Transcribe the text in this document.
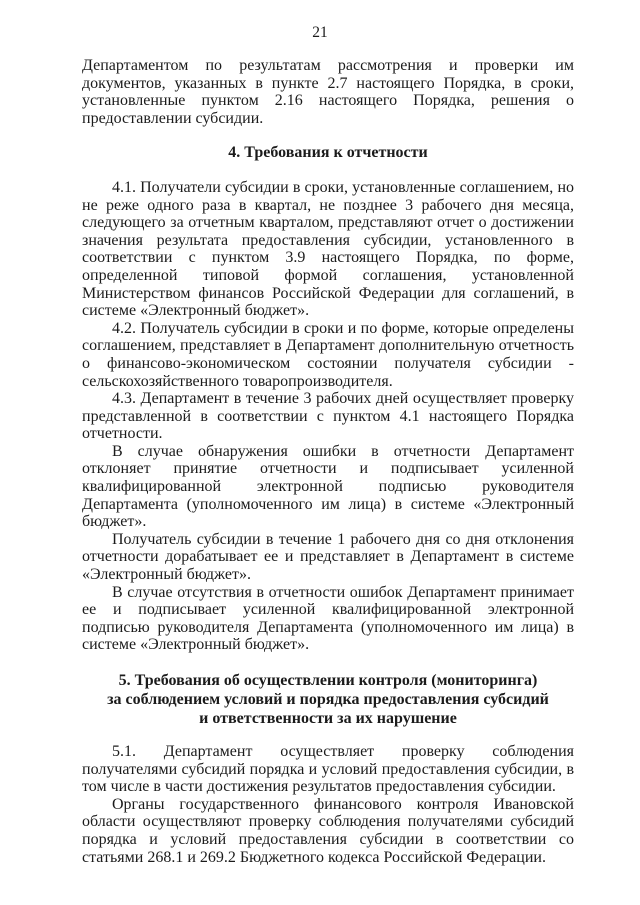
21

Департаментом по результатам рассмотрения и проверки им документов, указанных в пункте 2.7 настоящего Порядка, в сроки, установленные пунктом 2.16 настоящего Порядка, решения о предоставлении субсидии.

4. Требования к отчетности

4.1. Получатели субсидии в сроки, установленные соглашением, но не реже одного раза в квартал, не позднее 3 рабочего дня месяца, следующего за отчетным кварталом, представляют отчет о достижении значения результата предоставления субсидии, установленного в соответствии с пунктом 3.9 настоящего Порядка, по форме, определенной типовой формой соглашения, установленной Министерством финансов Российской Федерации для соглашений, в системе «Электронный бюджет».

4.2. Получатель субсидии в сроки и по форме, которые определены соглашением, представляет в Департамент дополнительную отчетность о финансово-экономическом состоянии получателя субсидии - сельскохозяйственного товаропроизводителя.

4.3. Департамент в течение 3 рабочих дней осуществляет проверку представленной в соответствии с пунктом 4.1 настоящего Порядка отчетности.

В случае обнаружения ошибки в отчетности Департамент отклоняет принятие отчетности и подписывает усиленной квалифицированной электронной подписью руководителя Департамента (уполномоченного им лица) в системе «Электронный бюджет».

Получатель субсидии в течение 1 рабочего дня со дня отклонения отчетности дорабатывает ее и представляет в Департамент в системе «Электронный бюджет».

В случае отсутствия в отчетности ошибок Департамент принимает ее и подписывает усиленной квалифицированной электронной подписью руководителя Департамента (уполномоченного им лица) в системе «Электронный бюджет».

5. Требования об осуществлении контроля (мониторинга)
за соблюдением условий и порядка предоставления субсидий
и ответственности за их нарушение

5.1. Департамент осуществляет проверку соблюдения получателями субсидий порядка и условий предоставления субсидии, в том числе в части достижения результатов предоставления субсидии.

Органы государственного финансового контроля Ивановской области осуществляют проверку соблюдения получателями субсидий порядка и условий предоставления субсидии в соответствии со статьями 268.1 и 269.2 Бюджетного кодекса Российской Федерации.
